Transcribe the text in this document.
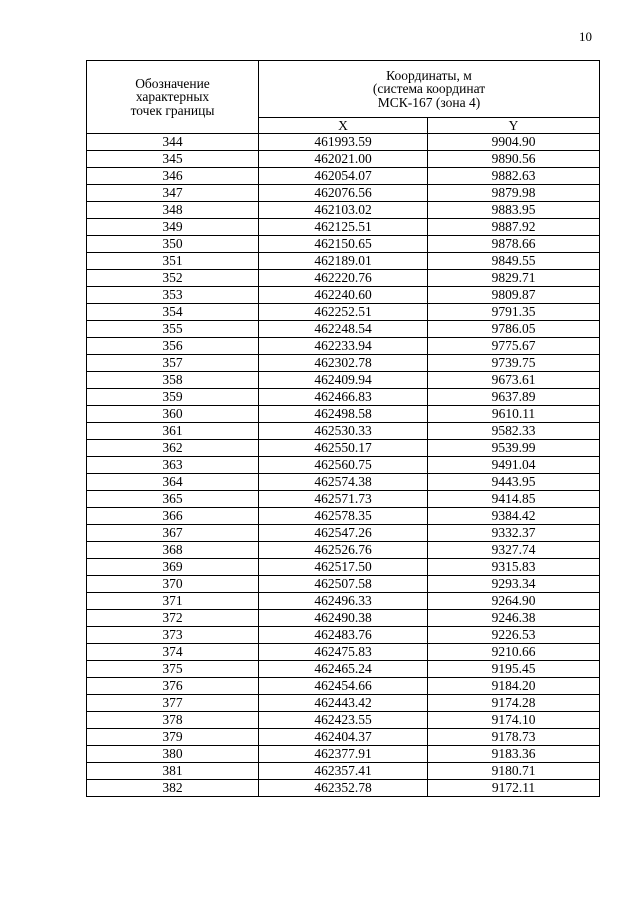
10
Обозначение
характерных
точек границы	Координаты, м
(система координат
МСК-167 (зона 4)	

	X	Y
344	461993.59	9904.90
345	462021.00	9890.56
346	462054.07	9882.63
347	462076.56	9879.98
348	462103.02	9883.95
349	462125.51	9887.92
350	462150.65	9878.66
351	462189.01	9849.55
352	462220.76	9829.71
353	462240.60	9809.87
354	462252.51	9791.35
355	462248.54	9786.05
356	462233.94	9775.67
357	462302.78	9739.75
358	462409.94	9673.61
359	462466.83	9637.89
360	462498.58	9610.11
361	462530.33	9582.33
362	462550.17	9539.99
363	462560.75	9491.04
364	462574.38	9443.95
365	462571.73	9414.85
366	462578.35	9384.42
367	462547.26	9332.37
368	462526.76	9327.74
369	462517.50	9315.83
370	462507.58	9293.34
371	462496.33	9264.90
372	462490.38	9246.38
373	462483.76	9226.53
374	462475.83	9210.66
375	462465.24	9195.45
376	462454.66	9184.20
377	462443.42	9174.28
378	462423.55	9174.10
379	462404.37	9178.73
380	462377.91	9183.36
381	462357.41	9180.71
382	462352.78	9172.11
